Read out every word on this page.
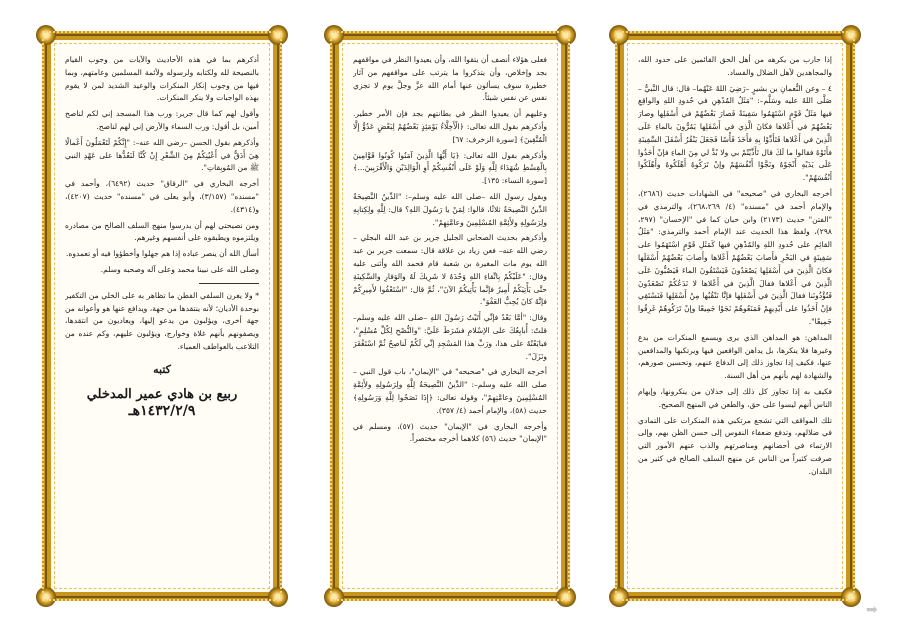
أذكرهم بما في هذه الأحاديث والآيات من وجوب القيام بالنصيحة لله ولكتابه ولرسوله ولأئمة المسلمين وعامتهم، وبما فيها من وجوب إنكار المنكرات والوعيد الشديد لمن لا يقوم بهذه الواجبات ولا ينكر المنكرات.

وأقول لهم كما قال جرير: ورب هذا المسجد إني لكم لناصح أمين، بل أقول: ورب السماء والأرض إني لهم لناصح.

وأذكرهم بقول الحسن –رضي الله عنه–: "إِنَّكُمْ لَتَعْمَلُونَ أَعْمالًا هِيَ أَدَقُّ في أَعْيُنِكُمْ مِنَ الشَّعْرِ إِنْ كُنَّا لَنَعُدُّها على عَهْدِ النبي ﷺ من المُوبِقاتِ".

أخرجه البخاري في "الرقاق" حديث (٦٤٩٢)، وأحمد في "مسنده" (٣/١٥٧)، وأبو يعلى في "مسنده" حديث (٤٢٠٧)، و(٤٣١٤).

ومن نصيحتي لهم أن يدرسوا منهج السلف الصالح من مصادره ويلتزموه ويطبقوه على أنفسهم وغيرهم.

أسأل الله أن ينصر عباده إذا هم جهلوا وأخطؤوا فيه أو تعمدوه.

وصلى الله على نبينا محمد وعلى آله وصحبه وسلم.

* ولا يغرن السلفي الفطن ما تظاهر به على الخلي من التكفير بوحدة الأديان؛ لأنه ينتقدها من جهة، ويدافع عنها هو وأعوانه من جهة أخرى، ويؤلبون من يدعو إليها، ويعاديون من انتقدها، ويصفونهم بأنهم غلاة وخوارج، ويؤلبون عليهم، وكم عنده من التلاعب بالعواطف العمياء.

كتبه
ربيع بن هادي عمير المدخلي
١٤٣٢/٢/٩هـ

فعلى هؤلاء أنصف أن يتقوا الله، وأن يعيدوا النظر في مواقفهم بجد وإخلاص، وأن يتذكروا ما يترتب على مواقفهم من آثار خطيرة سوف يسألون عنها أمام الله عزَّ وجلَّ يوم لا تجزي نفس عن نفس شيئاً.

وعليهم أن يعيدوا النظر في بطانتهم بجد فإن الأمر خطير. وأذكرهم بقول الله تعالى: ﴿الْأَخِلَّاءُ يَوْمَئِذٍ بَعْضُهُمْ لِبَعْضٍ عَدُوٌّ إِلَّا الْمُتَّقِينَ﴾ [سورة الزخرف: ٦٧]

وأذكرهم بقول الله تعالى: ﴿يَا أَيُّهَا الَّذِينَ آمَنُوا كُونُوا قَوَّامِينَ بِالْقِسْطِ شُهَدَاءَ لِلَّهِ وَلَوْ عَلَى أَنْفُسِكُمْ أَوِ الْوَالِدَيْنِ وَالْأَقْرَبِينَ...﴾ [سورة النساء: ١٣٥].

وبقول رسول الله –صلى الله عليه وسلم–: "الدِّينُ النَّصِيحَةُ الدِّينُ النَّصِيحَةُ ثلاثًا، قالوا: لِمَنْ يا رَسُولَ اللهِ؟ قال: لِلَّهِ ولِكِتابِهِ ولِرَسُولِهِ ولأَئِمَّةِ المُسْلِمِينَ وعامَّتِهِمْ".

وأذكرهم بحديث الصحابي الجليل جرير بن عبد الله البجلي –رضي الله عنه– فعن زياد بن علاقة قال: سمعت جرير بن عبد الله يوم مات المغيرة بن شعبة قام فحمد الله وأثنى عليه وقال: "عَلَيْكُمْ بِاتِّقاءِ اللهِ وَحْدَهُ لا شَرِيكَ لَهُ والوَقارِ والسَّكِينَةِ حتَّى يَأْتِيَكُمْ أَمِيرٌ فإنَّما يَأْتِيكُمُ الآنَ"، ثُمَّ قال: "اسْتَعْفُوا لأَمِيرِكُمْ فإنَّهُ كانَ يُحِبُّ العَفْوَ".

وقال: "أمَّا بَعْدُ فإنِّي أَتَيْتُ رَسُولَ اللهِ –صلى الله عليه وسلم– قلتُ: أُبايِعُكَ على الإسْلامِ فشَرَطَ عَلَيَّ: "والنُّصْحِ لِكُلِّ مُسْلِمٍ"، فبايَعْتُهُ على هذا، ورَبِّ هذا المَسْجِدِ إنِّي لَكُمْ لَناصِحٌ ثُمَّ اسْتَغْفَرَ ونَزَلَ".

أخرجه البخاري في "صحيحه" في "الإيمان"، باب قول النبي –صلى الله عليه وسلم–: "الدِّينُ النَّصِيحَةُ لِلَّهِ ولِرَسُولِهِ ولأَئِمَّةِ المُسْلِمِينَ وعامَّتِهِمْ"، وقوله تعالى: ﴿إِذَا نَصَحُوا لِلَّهِ وَرَسُولِهِ﴾ حديث (٥٨)، والإمام أحمد (٤/ ٣٥٧).

وأخرجه البخاري في "الإيمان" حديث (٥٧)، ومسلم في "الإيمان" حديث (٥٦) كلاهما أخرجه مختصراً.

إذا حارب من يكرهه من أهل الحق القائمين على حدود الله، والمجاهدين لأهل الضلال والفساد.

٤ – وعن النُّعمانِ بن بشيرٍ –رَضِيَ اللهُ عَنْهُما– قال: قال النَّبيُّ –صَلَّى اللهُ عليه وسَلَّم–: "مَثَلُ المُدْهِنِ في حُدودِ اللهِ والواقِعِ فيها مَثَلُ قَوْمٍ اسْتَهَمُوا سَفِينَةً فَصارَ بَعْضُهُمْ في أَسْفَلِها وصارَ بَعْضُهُمْ في أَعْلاها فكانَ الَّذِي في أَسْفَلِها يَمُرُّونَ بالماءِ عَلَى الَّذِينَ في أَعْلاها فَتَأَذَّوْا بِهِ فأَخَذَ فَأْسًا فَجَعَلَ يَنْقُرُ أَسْفَلَ السَّفِينَةِ فأَتَوْهُ فقالوا ما لَكَ قال تَأَذَّيْتُمْ بي ولا بُدَّ لي مِنَ الماءِ فإنْ أَخَذُوا عَلَى يَدَيْهِ أَنْجَوْهُ ونَجَّوْا أَنْفُسَهُمْ وإنْ تَرَكُوهُ أَهْلَكُوهُ وأَهْلَكُوا أَنْفُسَهُمْ".

أخرجه البخاري في "صحيحه" في الشهادات حديث (٢٦٨٦)، والإمام أحمد في "مسنده" (٤/ ٢٦٨،٢٦٩)، والترمذي في "الفتن" حديث (٢١٧٣) وابن حبان كما في "الإحسان" (٢٩٧، ٢٩٨)، ولفظ هذا الحديث عند الإمام أحمد والترمذي: "مَثَلُ القائِمِ على حُدودِ اللهِ والمُدْهِنِ فيها كَمَثَلِ قَوْمٍ اسْتَهَمُوا على سَفِينَةٍ في البَحْرِ فأَصابَ بَعْضُهُمْ أَعْلاها وأَصابَ بَعْضُهُمْ أَسْفَلَها فكانَ الَّذِينَ في أَسْفَلِها يَصْعَدُونَ فَيَسْتَقُونَ الماءَ فَيَصُبُّونَ عَلَى الَّذِينَ في أَعْلاها فقالَ الَّذِينَ في أَعْلاها لا نَدَعُكُمْ تَصْعَدُونَ فَتُؤْذُونَنا فقالَ الَّذِينَ في أَسْفَلِها فإنَّا نَنْقُبُها مِنْ أَسْفَلِها فَنَسْتَقِي فإنْ أَخَذُوا على أَيْدِيهِمْ فَمَنَعُوهُمْ نَجَوْا جَمِيعًا وإنْ تَرَكُوهُمْ غَرِقُوا جَمِيعًا".

المداهن: هو المداهن الذي يرى ويسمع المنكرات من بدع وغيرها فلا ينكرها، بل يداهن الواقعين فيها ويرتكبها والمدافعين عنها، فكيف إذا تجاوز ذلك إلى الدفاع عنهم، وتحسين صورهم، والشهادة لهم بأنهم من أهل السنة.

فكيف به إذا تجاوز كل ذلك إلى خذلان من ينكرونها، وإيهام الناس أنهم ليسوا على حق، والطعن في المنهج الصحيح.

تلك المواقف التي تشجع مرتكبي هذه المنكرات على التمادي في ضلالهم، وتدفع ضعفاء النفوس إلى حسن الظن بهم، وإلى الارتماء في أحضانهم ومناصرتهم والذب عنهم الأمور التي صرفت كثيراً من الناس عن منهج السلف الصالح في كثير من البلدان.

➡
